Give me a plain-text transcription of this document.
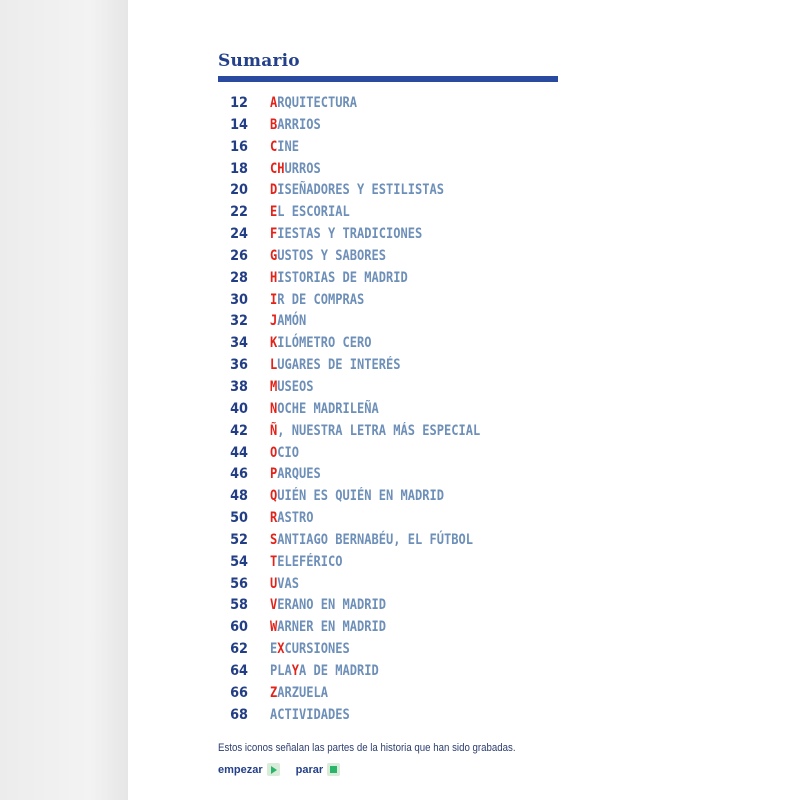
Sumario
12 ARQUITECTURA
14 BARRIOS
16 CINE
18 CHURROS
20 DISEÑADORES Y ESTILISTAS
22 EL ESCORIAL
24 FIESTAS Y TRADICIONES
26 GUSTOS Y SABORES
28 HISTORIAS DE MADRID
30 IR DE COMPRAS
32 JAMÓN
34 KILÓMETRO CERO
36 LUGARES DE INTERÉS
38 MUSEOS
40 NOCHE MADRILEÑA
42 Ñ, NUESTRA LETRA MÁS ESPECIAL
44 OCIO
46 PARQUES
48 QUIÉN ES QUIÉN EN MADRID
50 RASTRO
52 SANTIAGO BERNABÉU, EL FÚTBOL
54 TELEFÉRICO
56 UVAS
58 VERANO EN MADRID
60 WARNER EN MADRID
62 EXCURSIONES
64 PLAYA DE MADRID
66 ZARZUELA
68 ACTIVIDADES
Estos iconos señalan las partes de la historia que han sido grabadas.
empezar	parar
